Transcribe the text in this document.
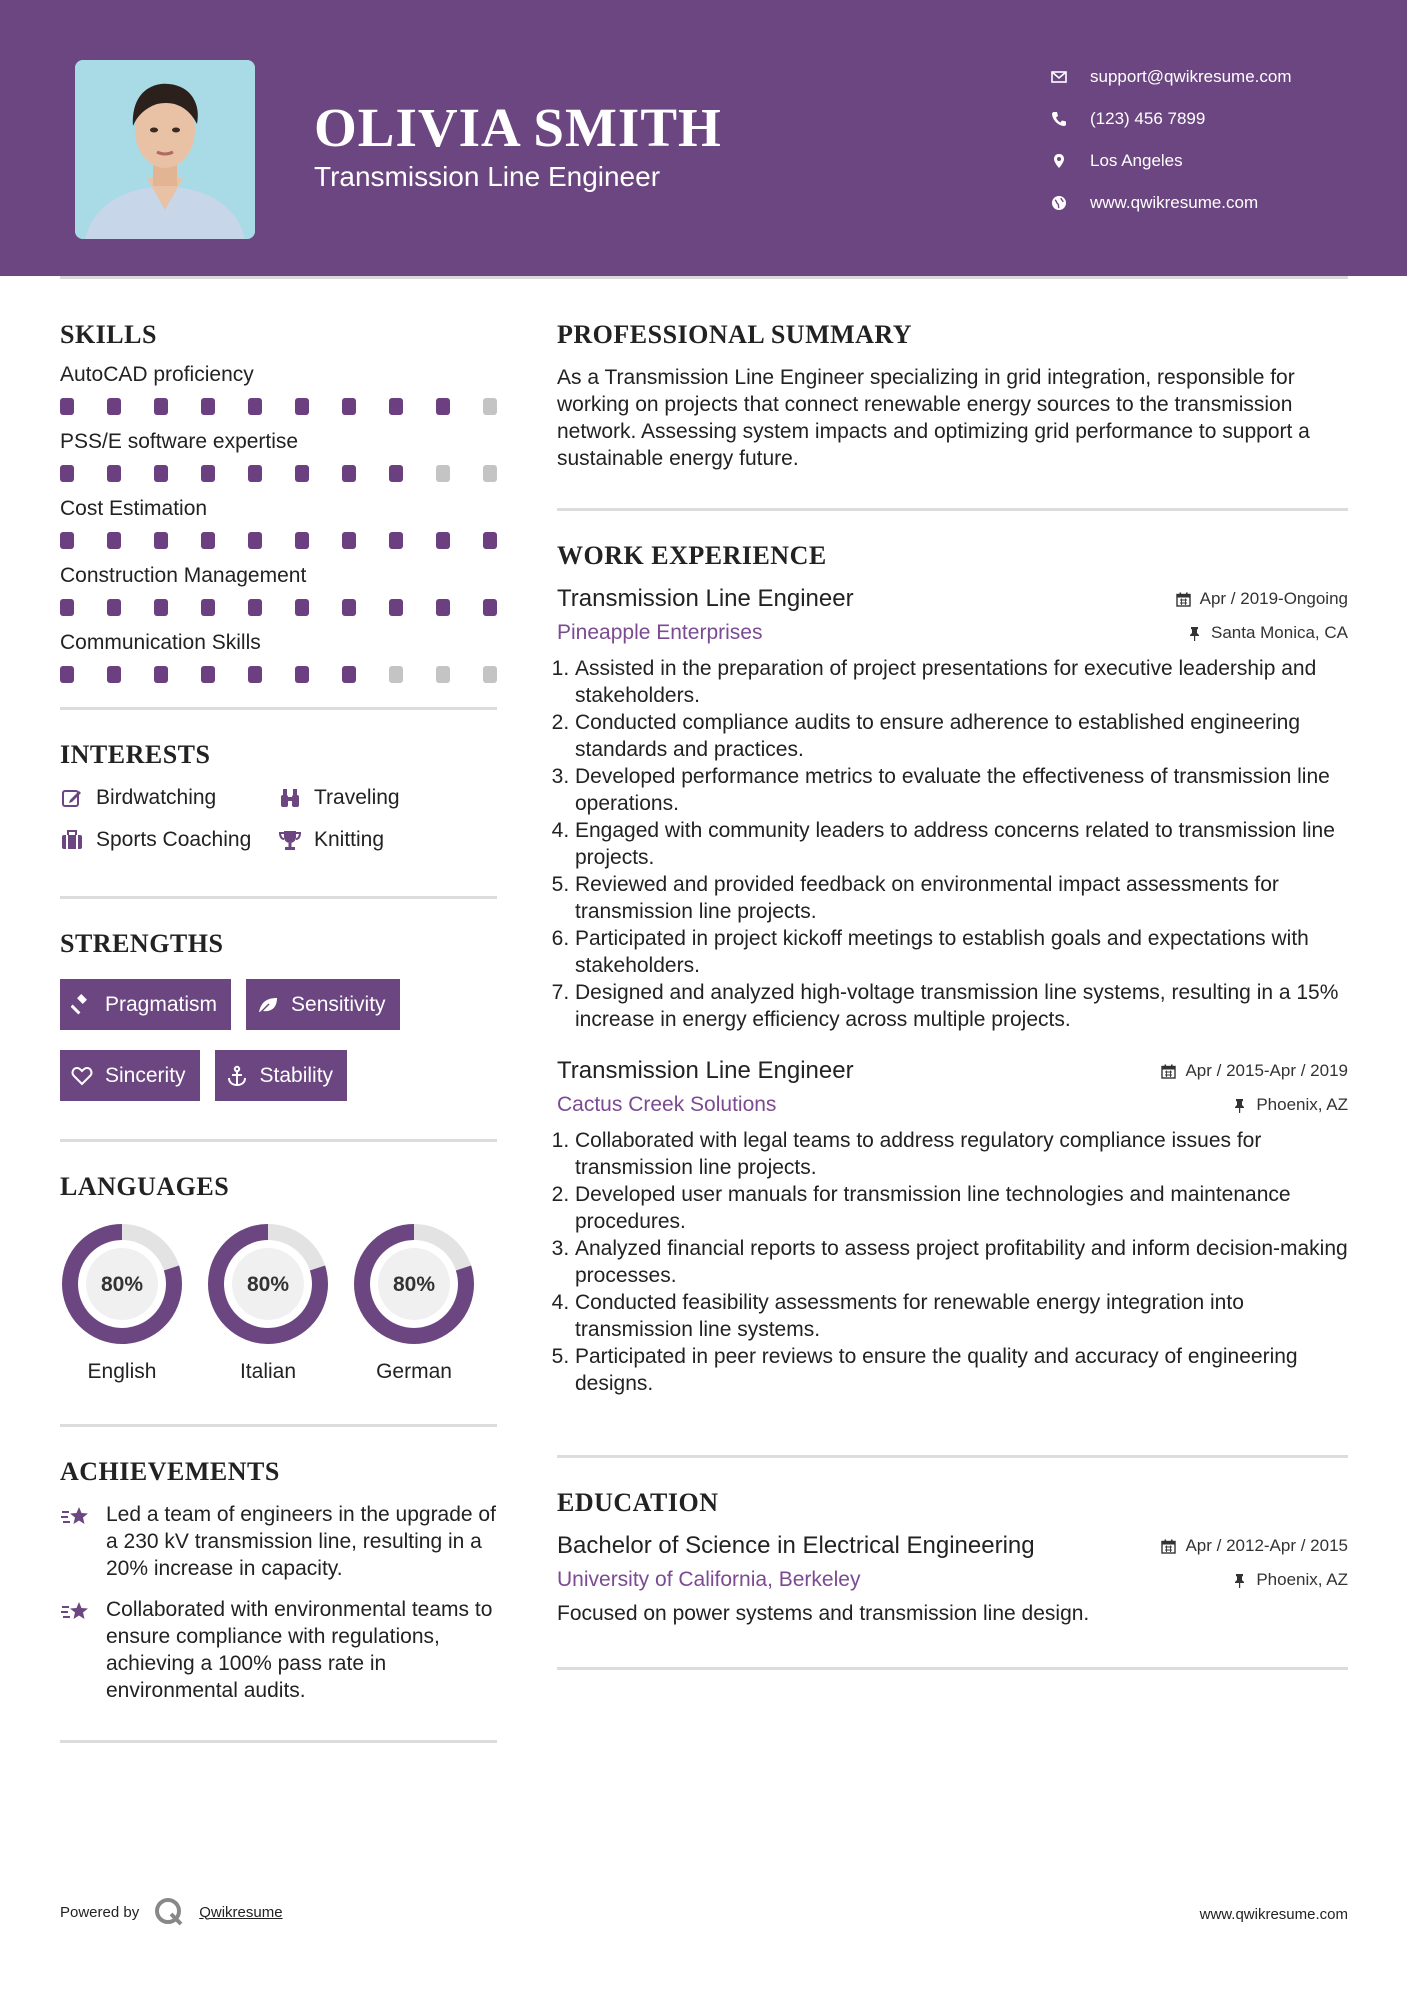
OLIVIA SMITH
Transmission Line Engineer
support@qwikresume.com
(123) 456 7899
Los Angeles
www.qwikresume.com
SKILLS
AutoCAD proficiency
PSS/E software expertise
Cost Estimation
Construction Management
Communication Skills
INTERESTS
Birdwatching	Traveling
Sports Coaching	Knitting
STRENGTHS
Pragmatism	Sensitivity
Sincerity	Stability
LANGUAGES
80%
English
80%
Italian
80%
German
ACHIEVEMENTS
Led a team of engineers in the upgrade of a 230 kV transmission line, resulting in a 20% increase in capacity.
Collaborated with environmental teams to ensure compliance with regulations, achieving a 100% pass rate in environmental audits.
PROFESSIONAL SUMMARY
As a Transmission Line Engineer specializing in grid integration, responsible for working on projects that connect renewable energy sources to the transmission network. Assessing system impacts and optimizing grid performance to support a sustainable energy future.
WORK EXPERIENCE
Transmission Line Engineer	Apr / 2019-Ongoing
Pineapple Enterprises	Santa Monica, CA
1. Assisted in the preparation of project presentations for executive leadership and stakeholders.
2. Conducted compliance audits to ensure adherence to established engineering standards and practices.
3. Developed performance metrics to evaluate the effectiveness of transmission line operations.
4. Engaged with community leaders to address concerns related to transmission line projects.
5. Reviewed and provided feedback on environmental impact assessments for transmission line projects.
6. Participated in project kickoff meetings to establish goals and expectations with stakeholders.
7. Designed and analyzed high-voltage transmission line systems, resulting in a 15% increase in energy efficiency across multiple projects.
Transmission Line Engineer	Apr / 2015-Apr / 2019
Cactus Creek Solutions	Phoenix, AZ
1. Collaborated with legal teams to address regulatory compliance issues for transmission line projects.
2. Developed user manuals for transmission line technologies and maintenance procedures.
3. Analyzed financial reports to assess project profitability and inform decision-making processes.
4. Conducted feasibility assessments for renewable energy integration into transmission line systems.
5. Participated in peer reviews to ensure the quality and accuracy of engineering designs.
EDUCATION
Bachelor of Science in Electrical Engineering	Apr / 2012-Apr / 2015
University of California, Berkeley	Phoenix, AZ
Focused on power systems and transmission line design.
Powered by	Qwikresume	www.qwikresume.com
